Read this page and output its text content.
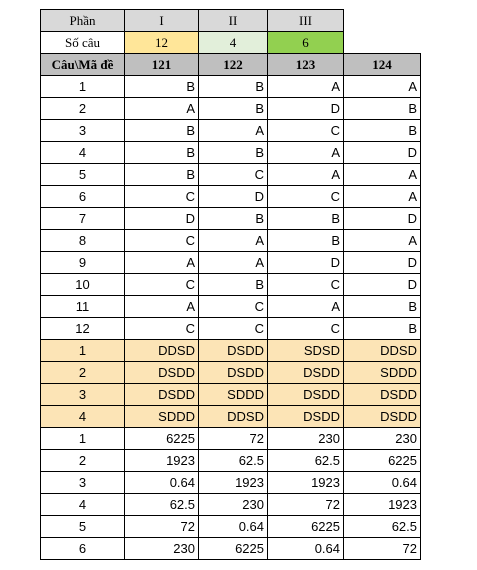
Phần	I	II	III	
Số câu	12	4	6	
Câu\Mã đề	121	122	123	124
1	B	B	A	A
2	A	B	D	B
3	B	A	C	B
4	B	B	A	D
5	B	C	A	A
6	C	D	C	A
7	D	B	B	D
8	C	A	B	A
9	A	A	D	D
10	C	B	C	D
11	A	C	A	B
12	C	C	C	B
1	DDSD	DSDD	SDSD	DDSD
2	DSDD	DSDD	DSDD	SDDD
3	DSDD	SDDD	DSDD	DSDD
4	SDDD	DDSD	DSDD	DSDD
1	6225	72	230	230
2	1923	62.5	62.5	6225
3	0.64	1923	1923	0.64
4	62.5	230	72	1923
5	72	0.64	6225	62.5
6	230	6225	0.64	72
